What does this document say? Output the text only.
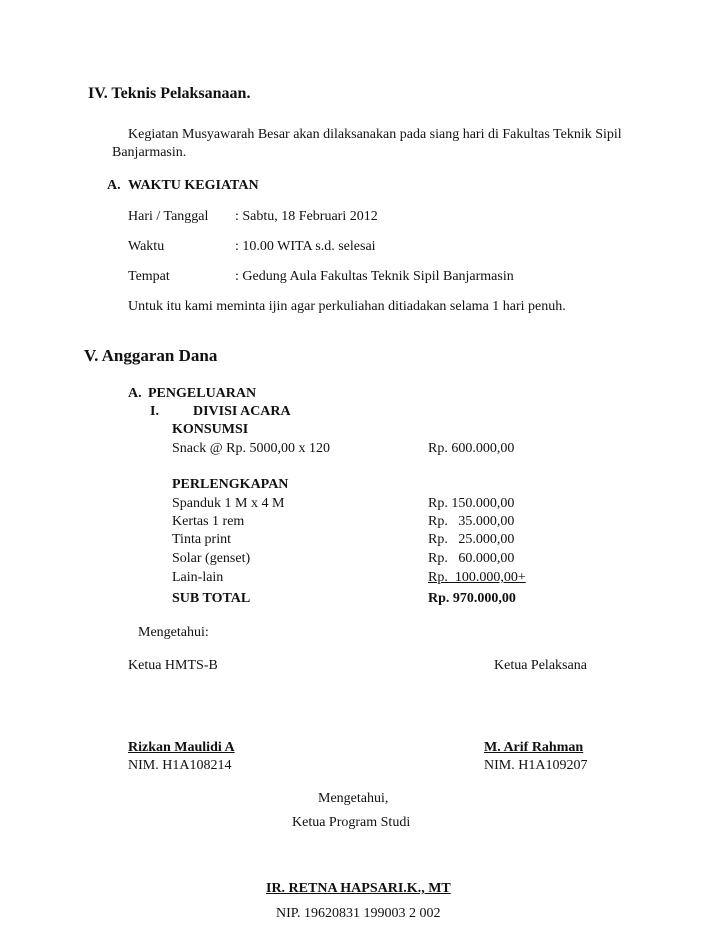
IV. Teknis Pelaksanaan.
Kegiatan Musyawarah Besar akan dilaksanakan pada siang hari di Fakultas Teknik Sipil
Banjarmasin.
A. WAKTU KEGIATAN
Hari / Tanggal : Sabtu, 18 Februari 2012
Waktu	: 10.00 WITA s.d. selesai
Tempat	: Gedung Aula Fakultas Teknik Sipil Banjarmasin
Untuk itu kami meminta ijin agar perkuliahan ditiadakan selama 1 hari penuh.
V. Anggaran Dana
A. PENGELUARAN
I. DIVISI ACARA
KONSUMSI
Snack @ Rp. 5000,00 x 120	Rp. 600.000,00
PERLENGKAPAN
Spanduk 1 M x 4 M	Rp. 150.000,00
Kertas 1 rem	Rp.   35.000,00
Tinta print	Rp.   25.000,00
Solar (genset)	Rp.   60.000,00
Lain-lain	Rp.  100.000,00+
SUB TOTAL	Rp. 970.000,00
Mengetahui:
Ketua HMTS-B	Ketua Pelaksana
Rizkan Maulidi A
NIM. H1A108214
M. Arif Rahman
NIM. H1A109207
Mengetahui,
Ketua Program Studi
IR. RETNA HAPSARI.K., MT
NIP. 19620831 199003 2 002
